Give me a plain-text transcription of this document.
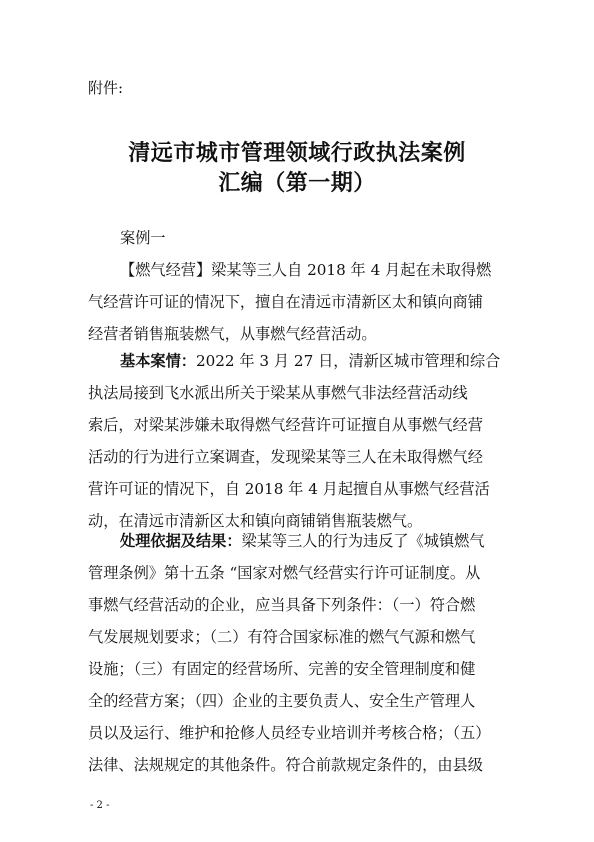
附件:
清远市城市管理领域行政执法案例
汇编（第一期）
案例一
【燃气经营】梁某等三人自 2018 年 4 月起在未取得燃
气经营许可证的情况下，擅自在清远市清新区太和镇向商铺
经营者销售瓶装燃气，从事燃气经营活动。
基本案情：2022 年 3 月 27 日，清新区城市管理和综合
执法局接到飞水派出所关于梁某从事燃气非法经营活动线
索后，对梁某涉嫌未取得燃气经营许可证擅自从事燃气经营
活动的行为进行立案调查，发现梁某等三人在未取得燃气经
营许可证的情况下，自 2018 年 4 月起擅自从事燃气经营活
动，在清远市清新区太和镇向商铺销售瓶装燃气。
处理依据及结果：梁某等三人的行为违反了《城镇燃气
管理条例》第十五条 “国家对燃气经营实行许可证制度。从
事燃气经营活动的企业，应当具备下列条件：（一）符合燃
气发展规划要求；（二）有符合国家标准的燃气气源和燃气
设施；（三）有固定的经营场所、完善的安全管理制度和健
全的经营方案；（四）企业的主要负责人、安全生产管理人
员以及运行、维护和抢修人员经专业培训并考核合格；（五）
法律、法规规定的其他条件。符合前款规定条件的，由县级
- 2 -
